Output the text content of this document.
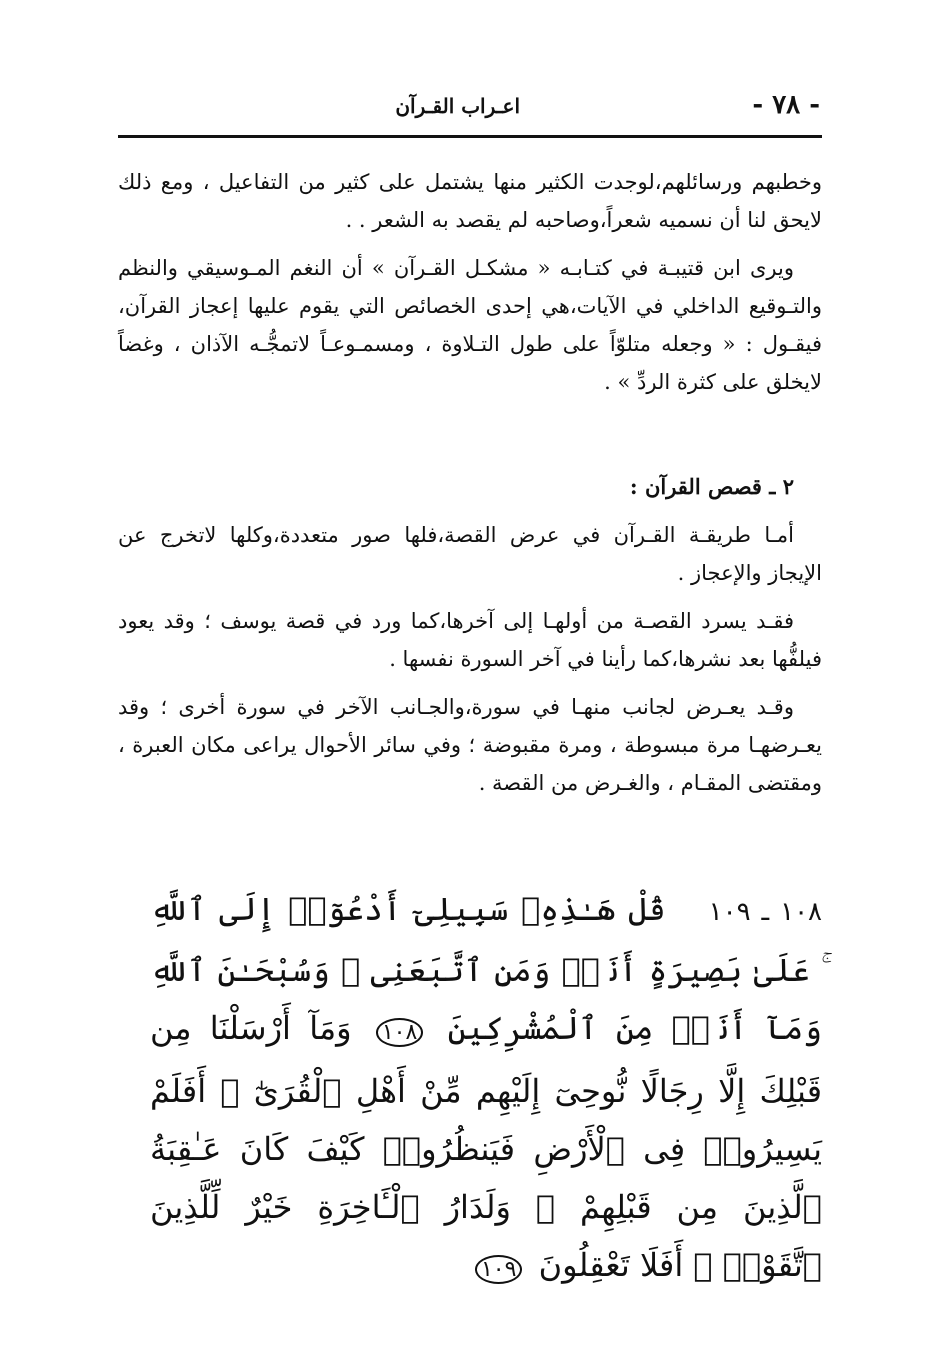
- ٧٨ -
اعـراب القـرآن

وخطبهم ورسائلهم،لوجدت الكثير منها يشتمل على كثير من التفاعيل ، ومع ذلك لايحق لنا أن نسميه شعراً،وصاحبه لم يقصد به الشعر . .

ويرى ابن قتيبـة في كتـابـه « مشكـل القـرآن » أن النغم المـوسيقي والنظم والتـوقيع الداخلي في الآيات،هي إحدى الخصائص التي يقوم عليها إعجاز القرآن، فيقـول : « وجعله متلوّاً على طول التـلاوة ، ومسمـوعـاً لاتمجُّـه الآذان ، وغضاً لايخلق على كثرة الردِّ » .

٢ ـ قصص القرآن :

أمـا طريقـة القـرآن في عرض القصة،فلها صور متعددة،وكلها لاتخرج عن الإيجاز والإعجاز .

فقـد يسرد القصـة من أولهـا إلى آخرها،كما ورد في قصة يوسف ؛ وقد يعود فيلفُّها بعد نشرها،كما رأينا في آخر السورة نفسها .

وقـد يعـرض لجانب منهـا في سورة،والجـانب الآخر في سورة أخرى ؛ وقد يعـرضهـا مرة مبسوطة ، ومرة مقبوضة ؛ وفي سائر الأحوال يراعى مكان العبرة ، ومقتضى المقـام ، والغـرض من القصة .

١٠٨ ـ ١٠٩ قُلْ هَـٰذِهِۦ سَبِيلِىٓ أَدْعُوٓا۟ إِلَى ٱللَّهِ ۚ عَلَىٰ بَصِيرَةٍ أَنَا۠ وَمَنِ ٱتَّبَعَنِى ۖ وَسُبْحَـٰنَ ٱللَّهِ وَمَآ أَنَا۠ مِنَ ٱلْمُشْرِكِينَ ١٠٨ وَمَآ أَرْسَلْنَا مِن قَبْلِكَ إِلَّا رِجَالًا نُّوحِىٓ إِلَيْهِم مِّنْ أَهْلِ ٱلْقُرَىٰٓ ۗ أَفَلَمْ يَسِيرُوا۟ فِى ٱلْأَرْضِ فَيَنظُرُوا۟ كَيْفَ كَانَ عَـٰقِبَةُ ٱلَّذِينَ مِن قَبْلِهِمْ ۗ وَلَدَارُ ٱلْـَٔاخِرَةِ خَيْرٌ لِّلَّذِينَ ٱتَّقَوْا۟ ۗ أَفَلَا تَعْقِلُونَ ١٠٩
